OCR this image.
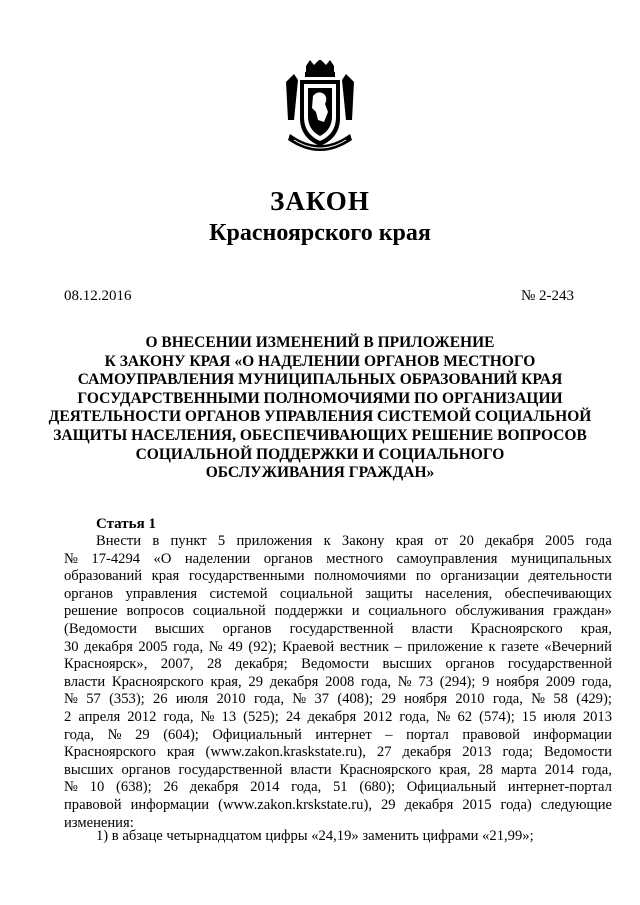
ЗАКОН
Красноярского края
08.12.2016	№ 2-243
О ВНЕСЕНИИ ИЗМЕНЕНИЙ В ПРИЛОЖЕНИЕ
К ЗАКОНУ КРАЯ «О НАДЕЛЕНИИ ОРГАНОВ МЕСТНОГО
САМОУПРАВЛЕНИЯ МУНИЦИПАЛЬНЫХ ОБРАЗОВАНИЙ КРАЯ
ГОСУДАРСТВЕННЫМИ ПОЛНОМОЧИЯМИ ПО ОРГАНИЗАЦИИ
ДЕЯТЕЛЬНОСТИ ОРГАНОВ УПРАВЛЕНИЯ СИСТЕМОЙ СОЦИАЛЬНОЙ
ЗАЩИТЫ НАСЕЛЕНИЯ, ОБЕСПЕЧИВАЮЩИХ РЕШЕНИЕ ВОПРОСОВ
СОЦИАЛЬНОЙ ПОДДЕРЖКИ И СОЦИАЛЬНОГО
ОБСЛУЖИВАНИЯ ГРАЖДАН»
Статья 1
Внести в пункт 5 приложения к Закону края от 20 декабря 2005 года
№ 17-4294 «О наделении органов местного самоуправления муниципальных
образований края государственными полномочиями по организации деятельности
органов управления системой социальной защиты населения, обеспечивающих
решение вопросов социальной поддержки и социального обслуживания граждан»
(Ведомости высших органов государственной власти Красноярского края,
30 декабря 2005 года, № 49 (92); Краевой вестник – приложение к газете «Вечерний
Красноярск», 2007, 28 декабря; Ведомости высших органов государственной
власти Красноярского края, 29 декабря 2008 года, № 73 (294); 9 ноября 2009 года,
№ 57 (353); 26 июля 2010 года, № 37 (408); 29 ноября 2010 года, № 58 (429);
2 апреля 2012 года, № 13 (525); 24 декабря 2012 года, № 62 (574); 15 июля 2013
года, № 29 (604); Официальный интернет – портал правовой информации
Красноярского края (www.zakon.kraskstate.ru), 27 декабря 2013 года; Ведомости
высших органов государственной власти Красноярского края, 28 марта 2014 года,
№ 10 (638); 26 декабря 2014 года, 51 (680); Официальный интернет-портал
правовой информации (www.zakon.krskstate.ru), 29 декабря 2015 года) следующие
изменения:
1) в абзаце четырнадцатом цифры «24,19» заменить цифрами «21,99»;
